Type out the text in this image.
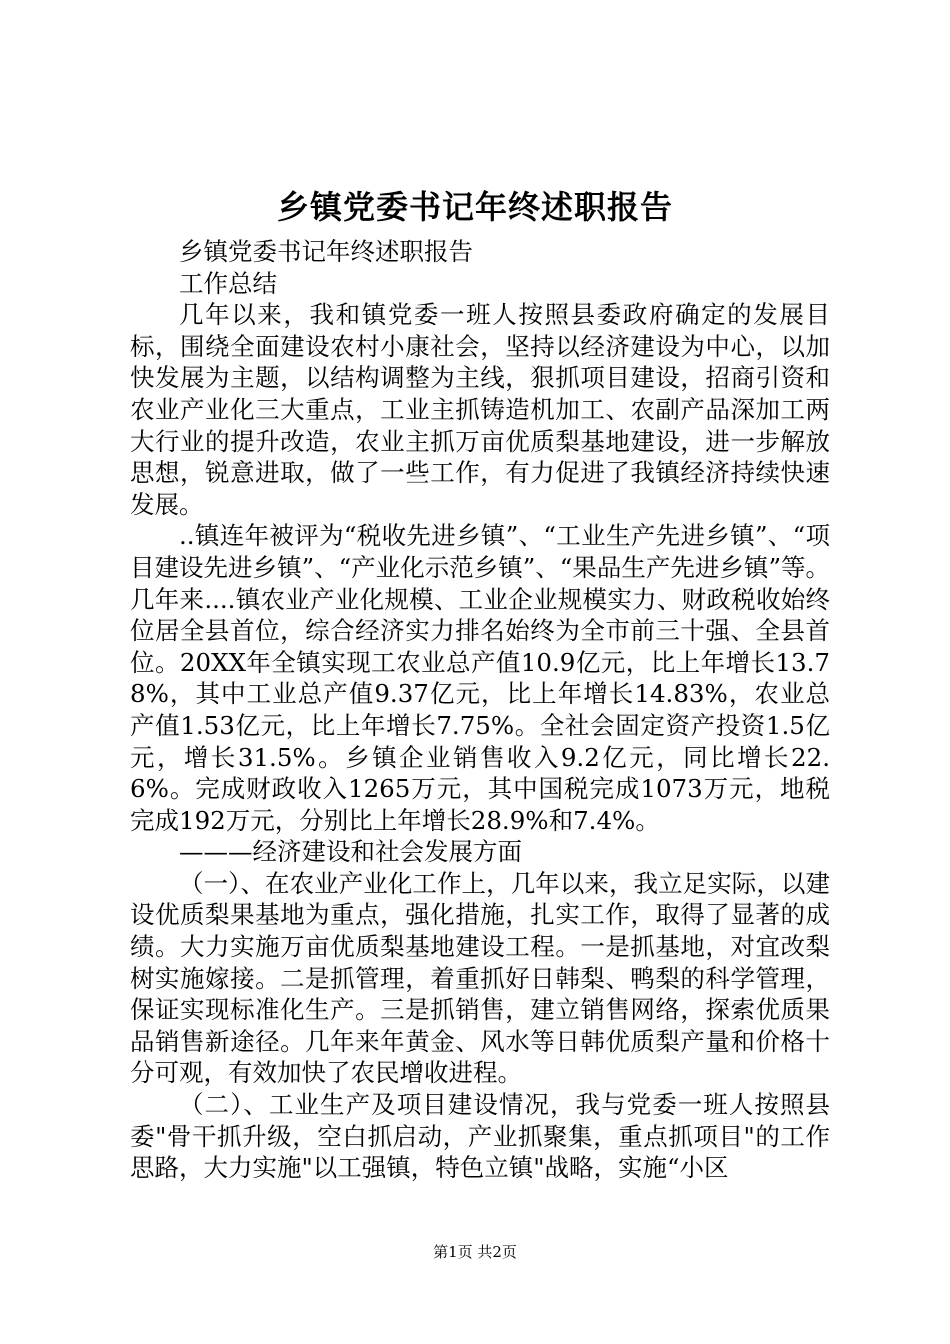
乡镇党委书记年终述职报告

乡镇党委书记年终述职报告

工作总结

几年以来，我和镇党委一班人按照县委政府确定的发展目标，围绕全面建设农村小康社会，坚持以经济建设为中心，以加快发展为主题，以结构调整为主线，狠抓项目建设，招商引资和农业产业化三大重点，工业主抓铸造机加工、农副产品深加工两大行业的提升改造，农业主抓万亩优质梨基地建设，进一步解放思想，锐意进取，做了一些工作，有力促进了我镇经济持续快速发展。

..镇连年被评为“税收先进乡镇”、“工业生产先进乡镇”、“项目建设先进乡镇”、“产业化示范乡镇”、“果品生产先进乡镇”等。几年来....镇农业产业化规模、工业企业规模实力、财政税收始终位居全县首位，综合经济实力排名始终为全市前三十强、全县首位。20XX年全镇实现工农业总产值10.9亿元，比上年增长13.78%，其中工业总产值9.37亿元，比上年增长14.83%，农业总产值1.53亿元，比上年增长7.75%。全社会固定资产投资1.5亿元，增长31.5%。乡镇企业销售收入9.2亿元，同比增长22.6%。完成财政收入1265万元，其中国税完成1073万元，地税完成192万元，分别比上年增长28.9%和7.4%。

———经济建设和社会发展方面

（一）、在农业产业化工作上，几年以来，我立足实际，以建设优质梨果基地为重点，强化措施，扎实工作，取得了显著的成绩。大力实施万亩优质梨基地建设工程。一是抓基地，对宜改梨树实施嫁接。二是抓管理，着重抓好日韩梨、鸭梨的科学管理，保证实现标准化生产。三是抓销售，建立销售网络，探索优质果品销售新途径。几年来年黄金、风水等日韩优质梨产量和价格十分可观，有效加快了农民增收进程。

（二）、工业生产及项目建设情况，我与党委一班人按照县委"骨干抓升级，空白抓启动，产业抓聚集，重点抓项目"的工作思路，大力实施"以工强镇，特色立镇"战略，实施“小区

第1页 共2页
